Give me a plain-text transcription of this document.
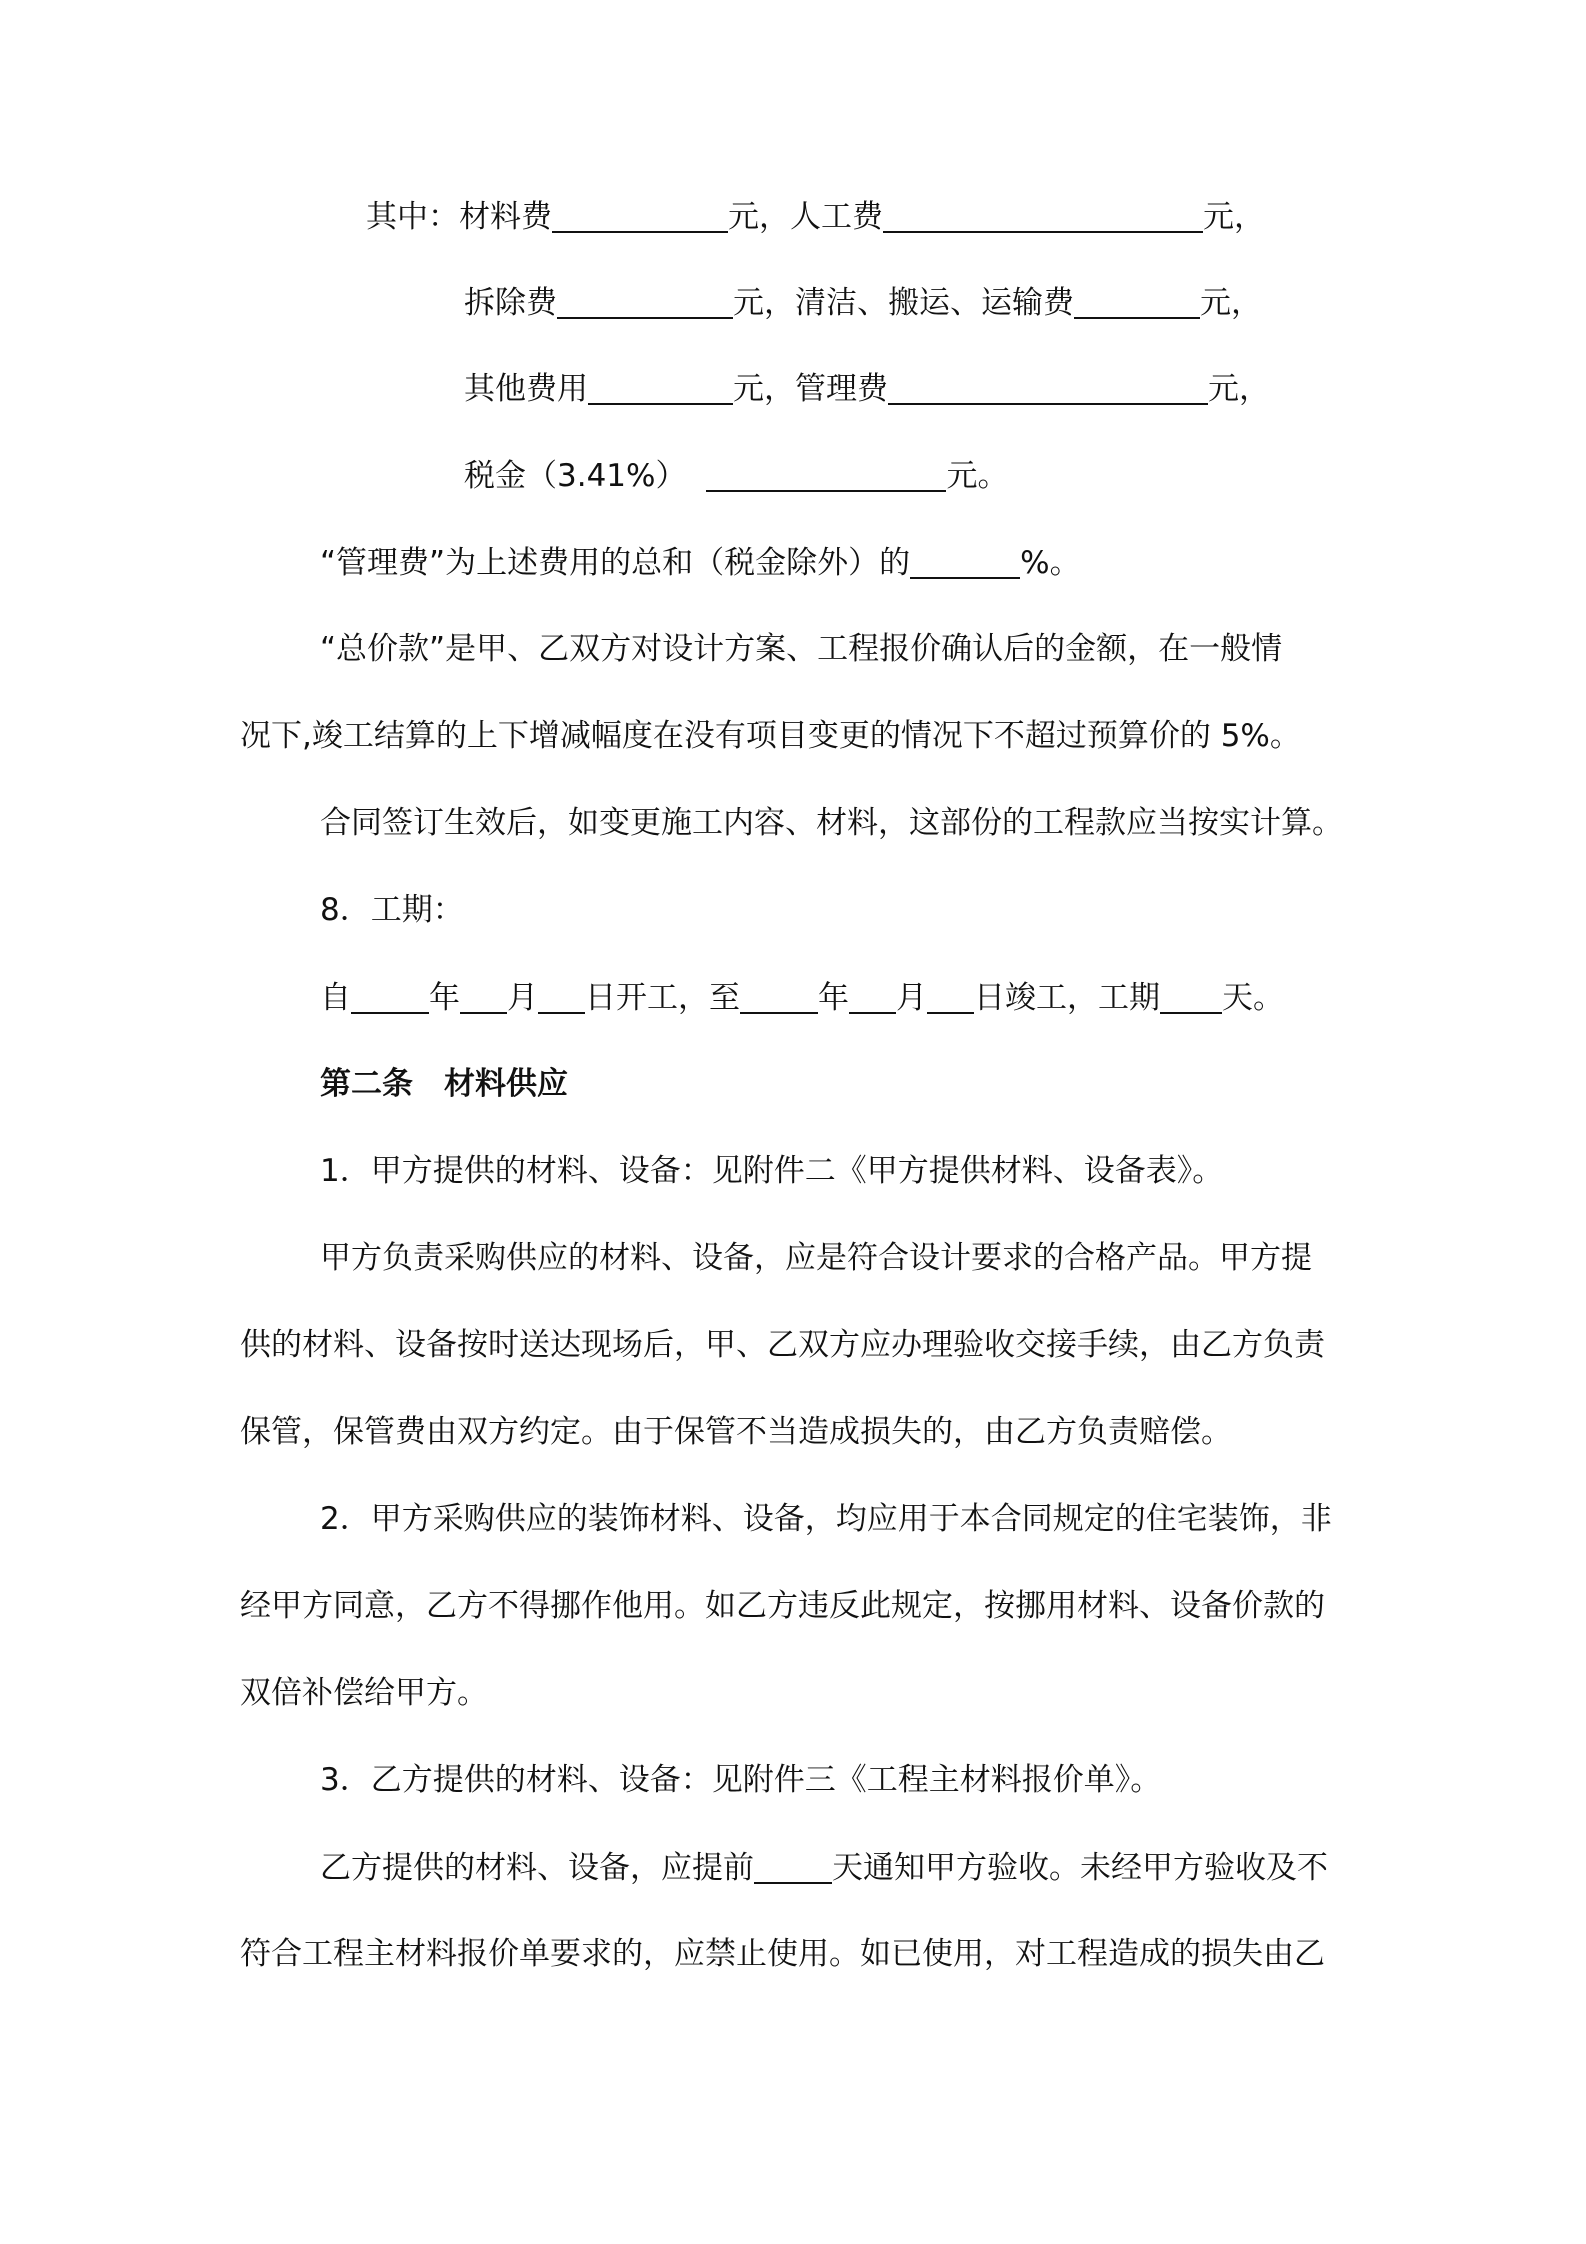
其中：材料费	元，人工费	元，
拆除费	元，清洁、搬运、运输费	元，
其他费用	元，管理费	元，
税金（3.41%）	元。
“管理费”为上述费用的总和（税金除外）的	%。
“总价款”是甲、乙双方对设计方案、工程报价确认后的金额，在一般情
况下,竣工结算的上下增减幅度在没有项目变更的情况下不超过预算价的 5%。
合同签订生效后，如变更施工内容、材料，这部份的工程款应当按实计算。
8．工期：
自	年 月 日开工，至	年 月 日竣工，工期 天。
第二条　材料供应
1．甲方提供的材料、设备：见附件二《甲方提供材料、设备表》。
甲方负责采购供应的材料、设备，应是符合设计要求的合格产品。甲方提
供的材料、设备按时送达现场后，甲、乙双方应办理验收交接手续，由乙方负责
保管，保管费由双方约定。由于保管不当造成损失的，由乙方负责赔偿。
2．甲方采购供应的装饰材料、设备，均应用于本合同规定的住宅装饰，非
经甲方同意，乙方不得挪作他用。如乙方违反此规定，按挪用材料、设备价款的
双倍补偿给甲方。
3．乙方提供的材料、设备：见附件三《工程主材料报价单》。
乙方提供的材料、设备，应提前	天通知甲方验收。未经甲方验收及不
符合工程主材料报价单要求的，应禁止使用。如已使用，对工程造成的损失由乙
